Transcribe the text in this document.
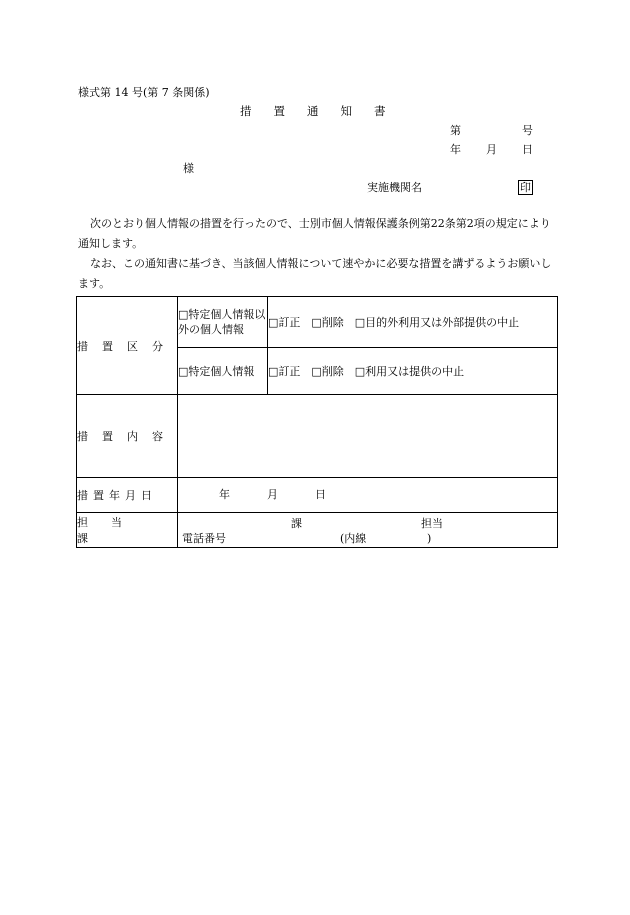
様式第 14 号(第 7 条関係)
措置通知書
第	号
年 月 日
様
実施機関名	印
次のとおり個人情報の措置を行ったので、士別市個人情報保護条例第22条第2項の規定により通知します。
なお、この通知書に基づき、当該個人情報について速やかに必要な措置を講ずるようお願いします。
措置区分	□特定個人情報以外の個人情報	□訂正　□削除　□目的外利用又は外部提供の中止
	□特定個人情報	□訂正　□削除　□利用又は提供の中止

措置内容		

措置年月日	年 月 日	

担当課	課 担当
電話番号 (内線 )	
